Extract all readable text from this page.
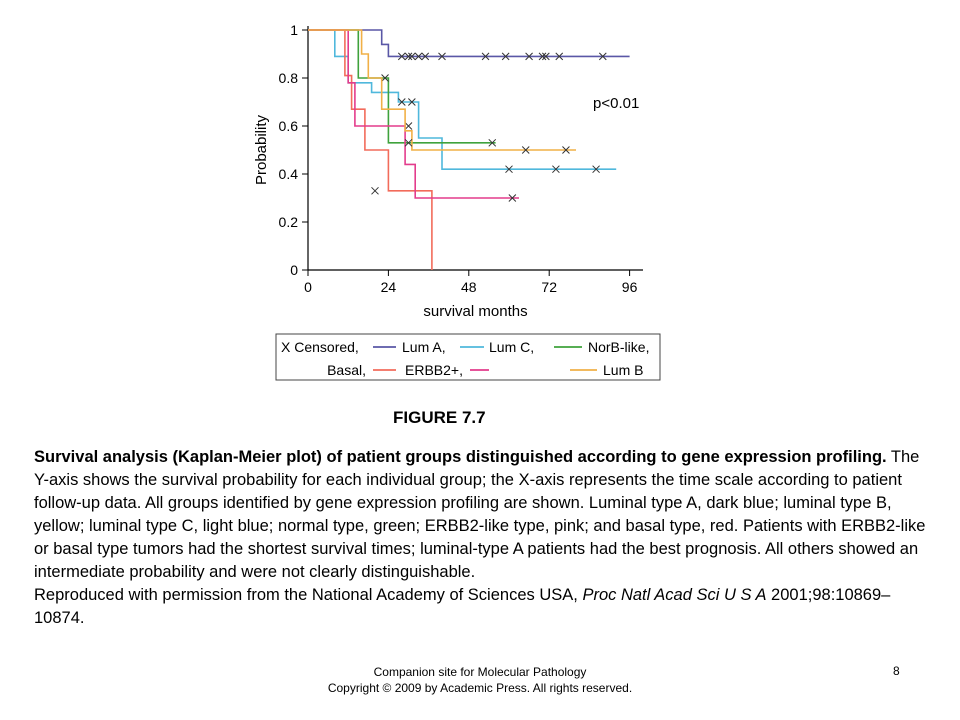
0
0.2
0.4
0.6
0.8
1
0	24	48	72	96
survival months
Probability
p<0.01
X Censored,	Lum A,	Lum C,	NorB-like,
Basal,	ERBB2+,	Lum B
FIGURE 7.7

Survival analysis (Kaplan-Meier plot) of patient groups distinguished according to gene expression profiling. The Y-axis shows the survival probability for each individual group; the X-axis represents the time scale according to patient follow-up data. All groups identified by gene expression profiling are shown. Luminal type A, dark blue; luminal type B, yellow; luminal type C, light blue; normal type, green; ERBB2-like type, pink; and basal type, red. Patients with ERBB2-like or basal type tumors had the shortest survival times; luminal-type A patients had the best prognosis. All others showed an intermediate probability and were not clearly distinguishable.

Reproduced with permission from the National Academy of Sciences USA, Proc Natl Acad Sci U S A 2001;98:10869–10874.

Companion site for Molecular Pathology
Copyright © 2009 by Academic Press. All rights reserved.
8
